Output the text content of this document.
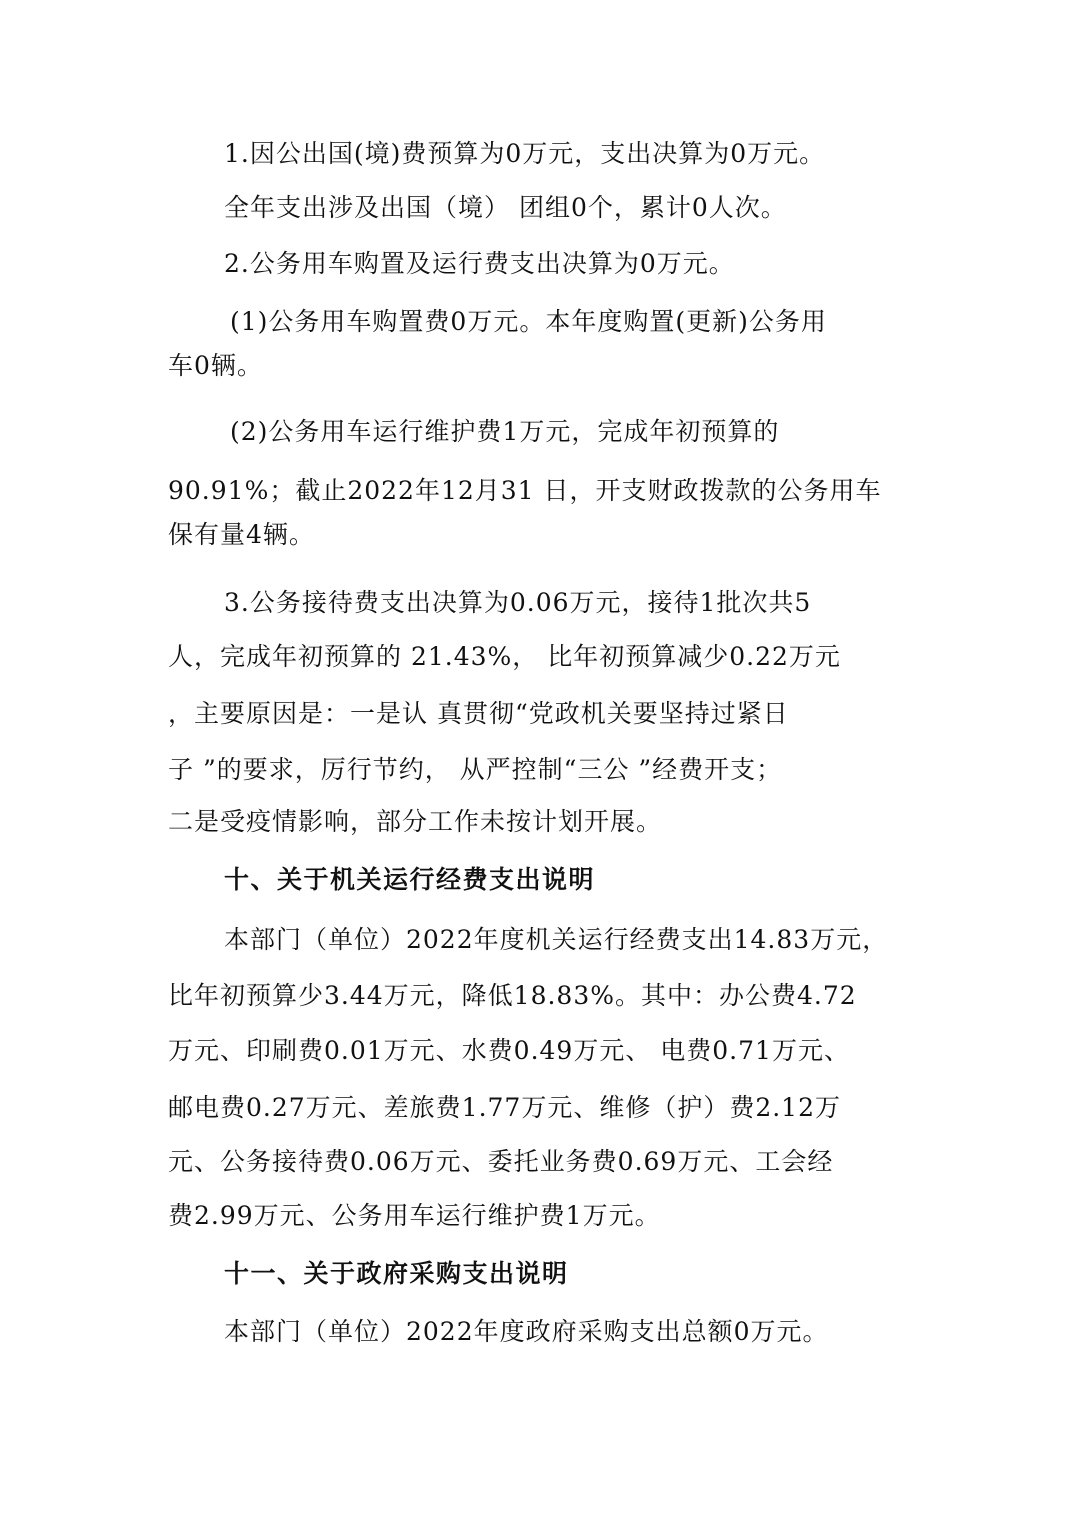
1.因公出国(境)费预算为0万元，支出决算为0万元。
全年支出涉及出国（境） 团组0个，累计0人次。
2.公务用车购置及运行费支出决算为0万元。
(1)公务用车购置费0万元。本年度购置(更新)公务用
车0辆。
(2)公务用车运行维护费1万元，完成年初预算的
90.91%；截止2022年12月31 日，开支财政拨款的公务用车
保有量4辆。
3.公务接待费支出决算为0.06万元，接待1批次共5
人，完成年初预算的 21.43%， 比年初预算减少0.22万元
，主要原因是：一是认 真贯彻“党政机关要坚持过紧日
子 ”的要求，厉行节约， 从严控制“三公 ”经费开支；
二是受疫情影响，部分工作未按计划开展。
十、关于机关运行经费支出说明
本部门（单位）2022年度机关运行经费支出14.83万元，
比年初预算少3.44万元，降低18.83%。其中：办公费4.72
万元、印刷费0.01万元、水费0.49万元、 电费0.71万元、
邮电费0.27万元、差旅费1.77万元、维修（护）费2.12万
元、公务接待费0.06万元、委托业务费0.69万元、工会经
费2.99万元、公务用车运行维护费1万元。
十一、关于政府采购支出说明
本部门（单位）2022年度政府采购支出总额0万元。
